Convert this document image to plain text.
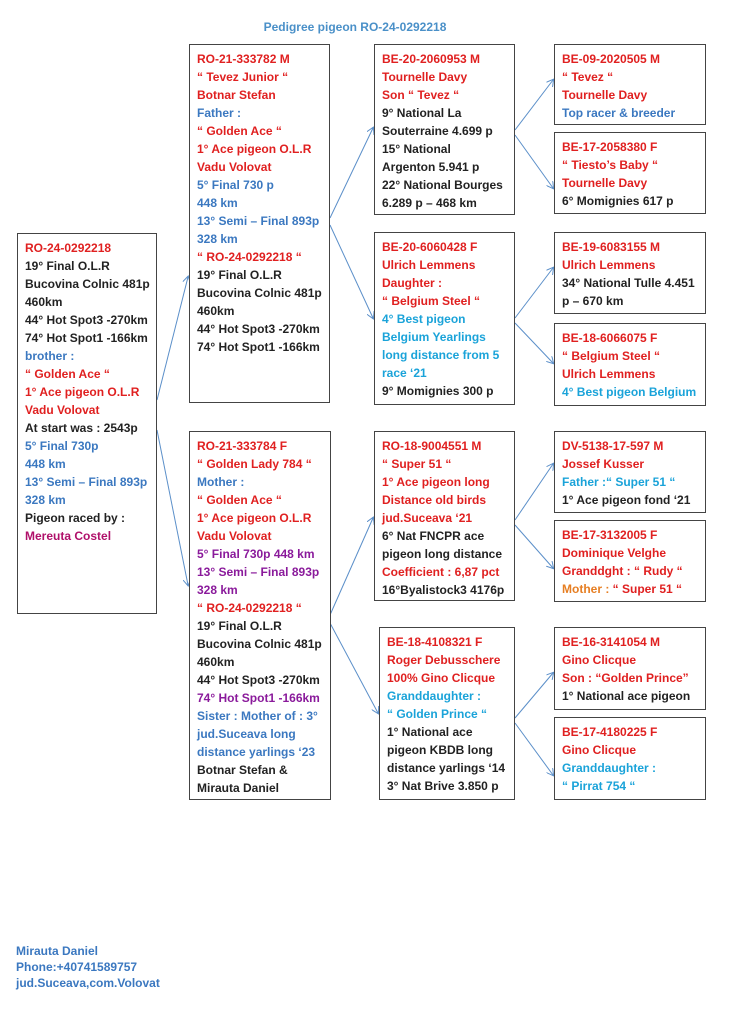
Pedigree pigeon RO-24-0292218
RO-24-0292218
19° Final O.L.R
Bucovina Colnic 481p
460km
44° Hot Spot3 -270km
74° Hot Spot1 -166km
brother :
“ Golden Ace “
1° Ace pigeon O.L.R
Vadu Volovat
At start was : 2543p
5° Final 730p
448 km
13° Semi – Final 893p
328 km
Pigeon raced by :
Mereuta Costel
RO-21-333782 M
“ Tevez Junior “
Botnar Stefan
Father :
“ Golden Ace “
1° Ace pigeon O.L.R
Vadu Volovat
5° Final 730 p
448 km
13° Semi – Final 893p
328 km
“ RO-24-0292218 “
19° Final O.L.R
Bucovina Colnic 481p
460km
44° Hot Spot3 -270km
74° Hot Spot1 -166km
RO-21-333784 F
“ Golden Lady 784 “
Mother :
“ Golden Ace “
1° Ace pigeon O.L.R
Vadu Volovat
5° Final 730p 448 km
13° Semi – Final 893p
328 km
“ RO-24-0292218 “
19° Final O.L.R
Bucovina Colnic 481p
460km
44° Hot Spot3 -270km
74° Hot Spot1 -166km
Sister : Mother of : 3°
jud.Suceava long
distance yarlings ‘23
Botnar Stefan &
Mirauta Daniel
BE-20-2060953 M
Tournelle Davy
Son “ Tevez “
9° National La
Souterraine 4.699 p
15° National
Argenton 5.941 p
22° National Bourges
6.289 p – 468 km
BE-20-6060428 F
Ulrich Lemmens
Daughter :
“ Belgium Steel “
4° Best pigeon
Belgium Yearlings
long distance from 5
race ‘21
9° Momignies 300 p
RO-18-9004551 M
“ Super 51 “
1° Ace pigeon long
Distance old birds
jud.Suceava ‘21
6° Nat FNCPR ace
pigeon long distance
Coefficient : 6,87 pct
16°Byalistock3 4176p
BE-18-4108321 F
Roger Debusschere
100% Gino Clicque
Granddaughter :
“ Golden Prince “
1° National ace
pigeon KBDB long
distance yarlings ‘14
3° Nat Brive 3.850 p
BE-09-2020505 M
“ Tevez “
Tournelle Davy
Top racer & breeder
BE-17-2058380 F
“ Tiesto’s Baby “
Tournelle Davy
6° Momignies 617 p
BE-19-6083155 M
Ulrich Lemmens
34° National Tulle 4.451
p – 670 km
BE-18-6066075 F
“ Belgium Steel “
Ulrich Lemmens
4° Best pigeon Belgium
DV-5138-17-597 M
Jossef Kusser
Father :“ Super 51 “
1° Ace pigeon fond ‘21
BE-17-3132005 F
Dominique Velghe
Granddght : “ Rudy “
Mother : “ Super 51 “
BE-16-3141054 M
Gino Clicque
Son : “Golden Prince”
1° National ace pigeon
BE-17-4180225 F
Gino Clicque
Granddaughter :
“ Pirrat 754 “
Mirauta Daniel
Phone:+40741589757
jud.Suceava,com.Volovat
